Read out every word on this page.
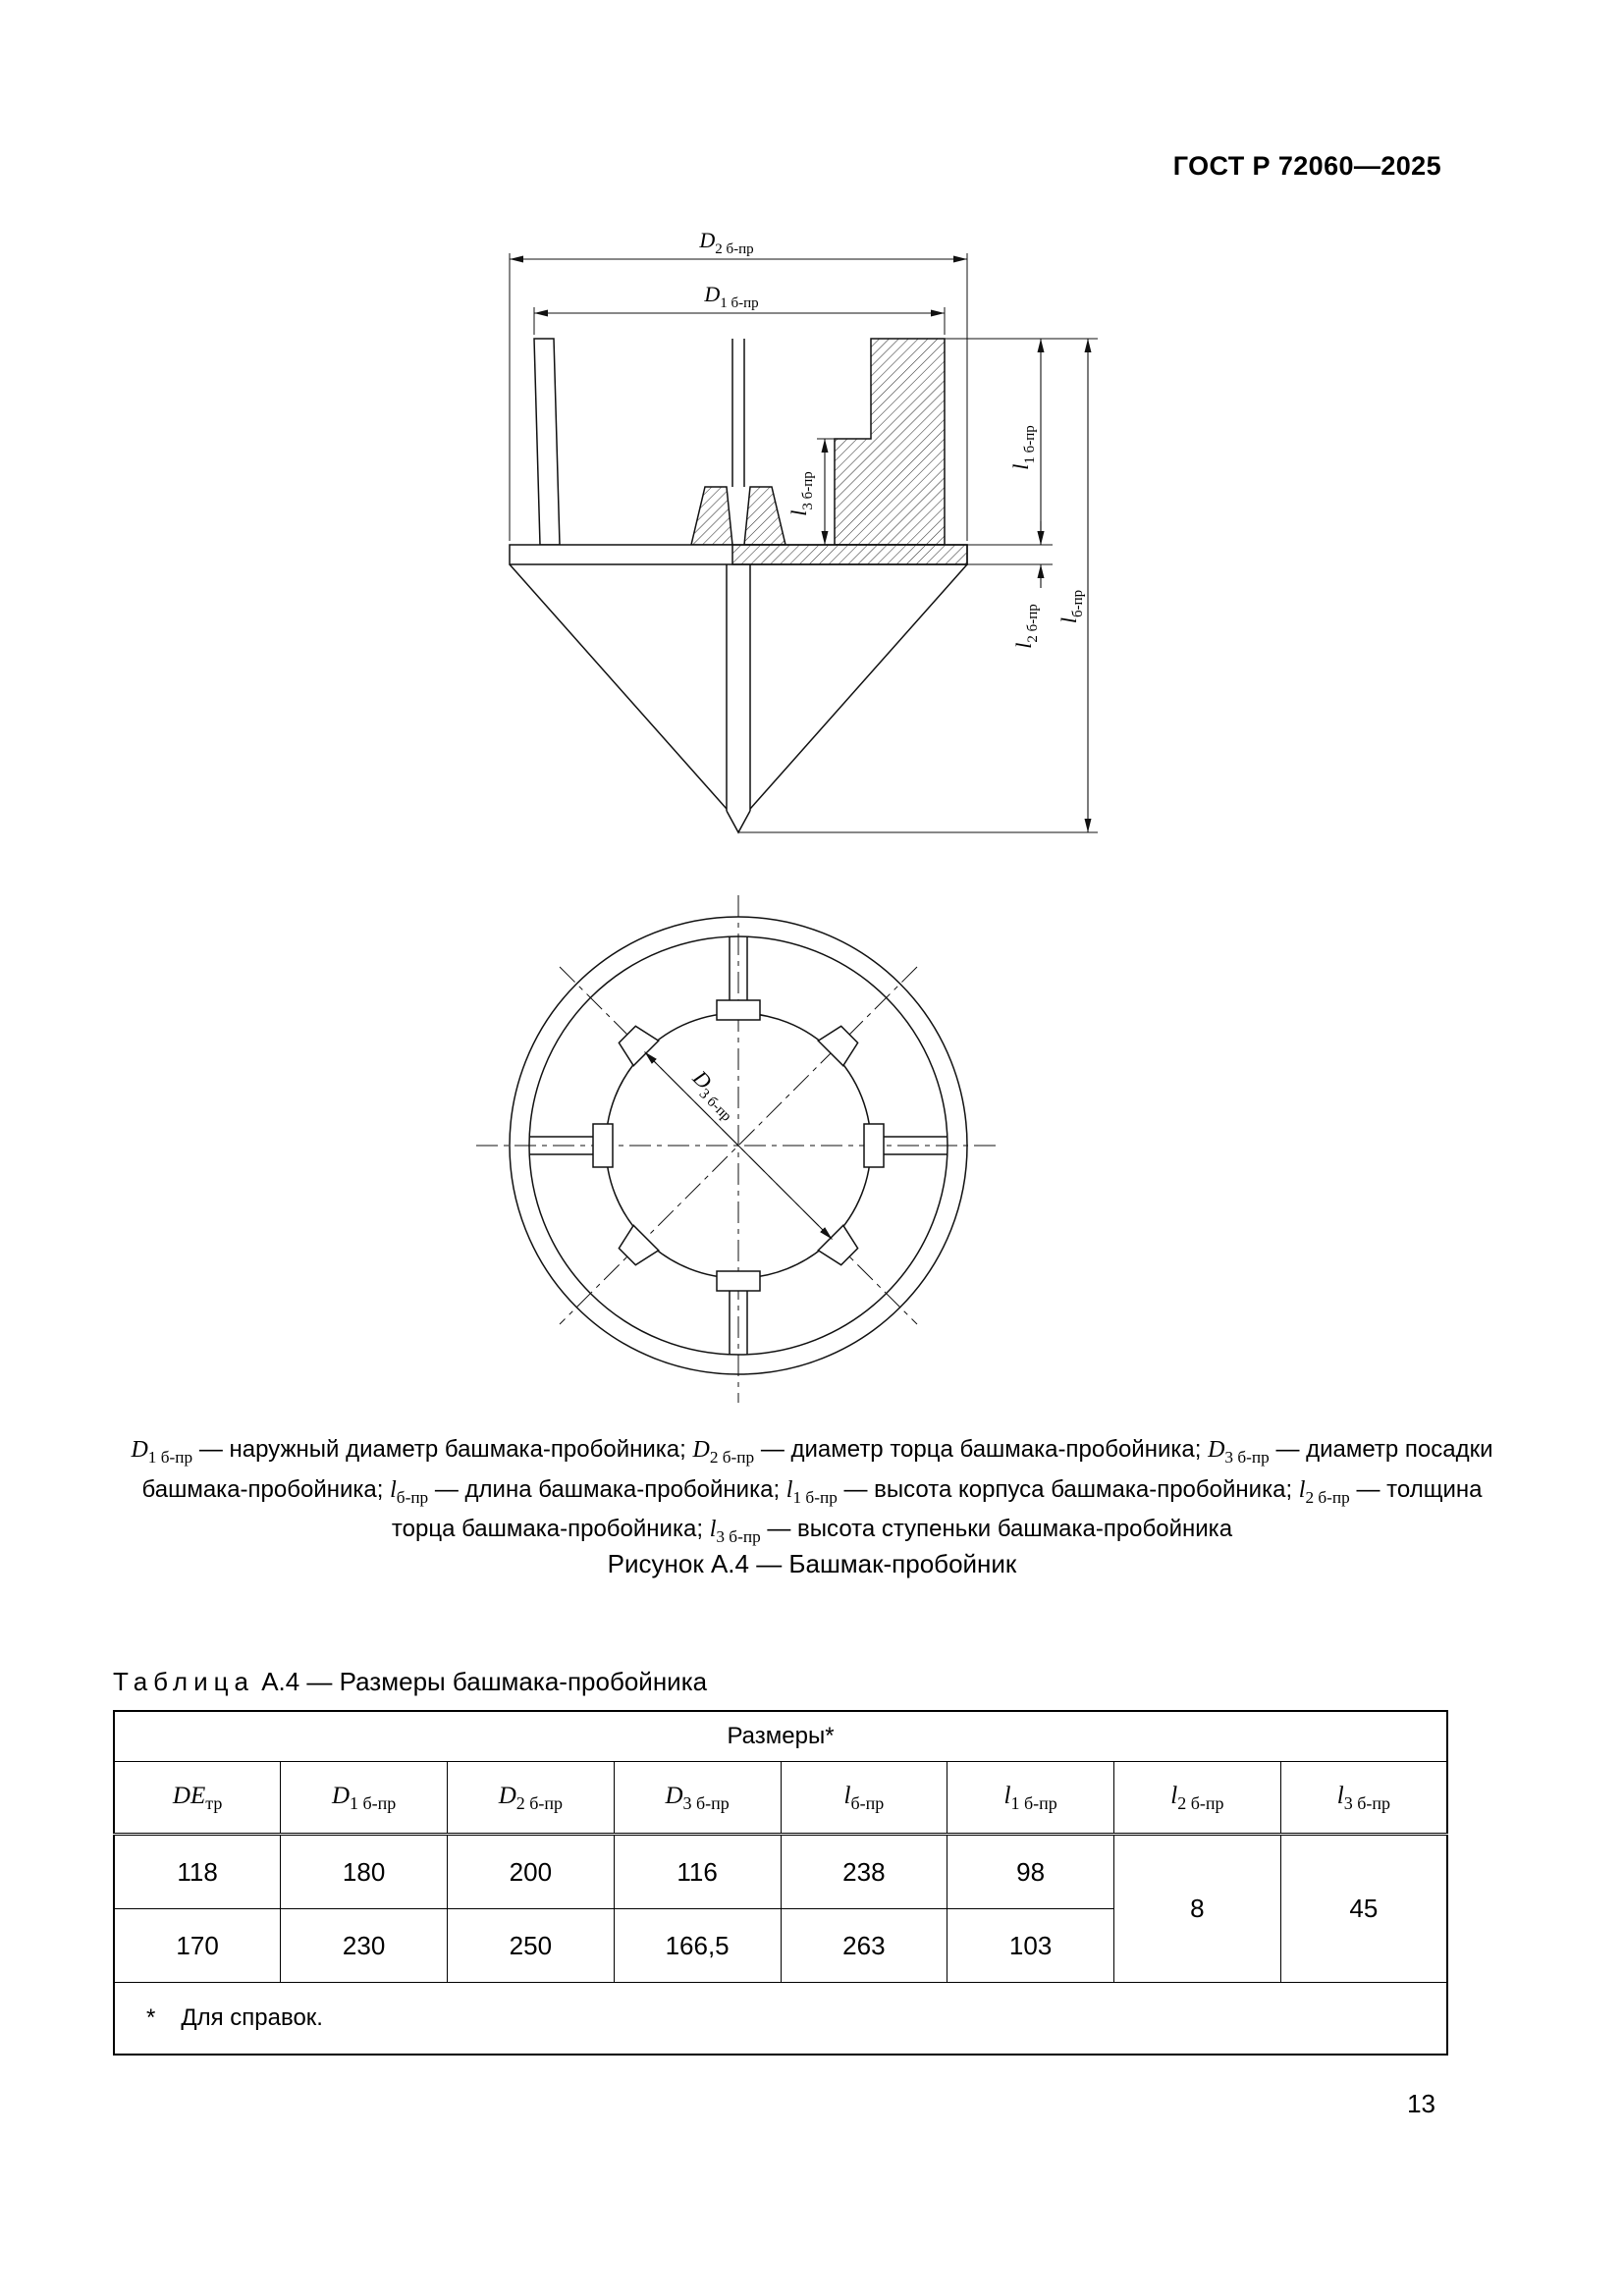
ГОСТ Р 72060—2025
$D_{2 б-пр}$
$D_{1 б-пр}$
$l_{3 б-пр}$
$l_{1 б-пр}$
$l_{2 б-пр}$ $l_{б-пр}$
$D_{3 б-пр}$
$D_{1 б-пр}$ — наружный диаметр башмака-пробойника; $D_{2 б-пр}$ — диаметр торца башмака-пробойника; $D_{3 б-пр}$ — диаметр посадки башмака-пробойника; $l_{б-пр}$ — длина башмака-пробойника; $l_{1 б-пр}$ — высота корпуса башмака-пробойника; $l_{2 б-пр}$ — толщина торца башмака-пробойника; $l_{3 б-пр}$ — высота ступеньки башмака-пробойника
Рисунок А.4 — Башмак-пробойник
Таблица А.4 — Размеры башмака-пробойника
Размеры*							
$DE_{тр}$	$D_{1 б-пр}$	$D_{2 б-пр}$	$D_{3 б-пр}$	$l_{б-пр}$	$l_{1 б-пр}$	$l_{2 б-пр}$	$l_{3 б-пр}$
118	180	200	116	238	98	8	45
170	230	250	166,5	263	103		
* Для справок.							
13
